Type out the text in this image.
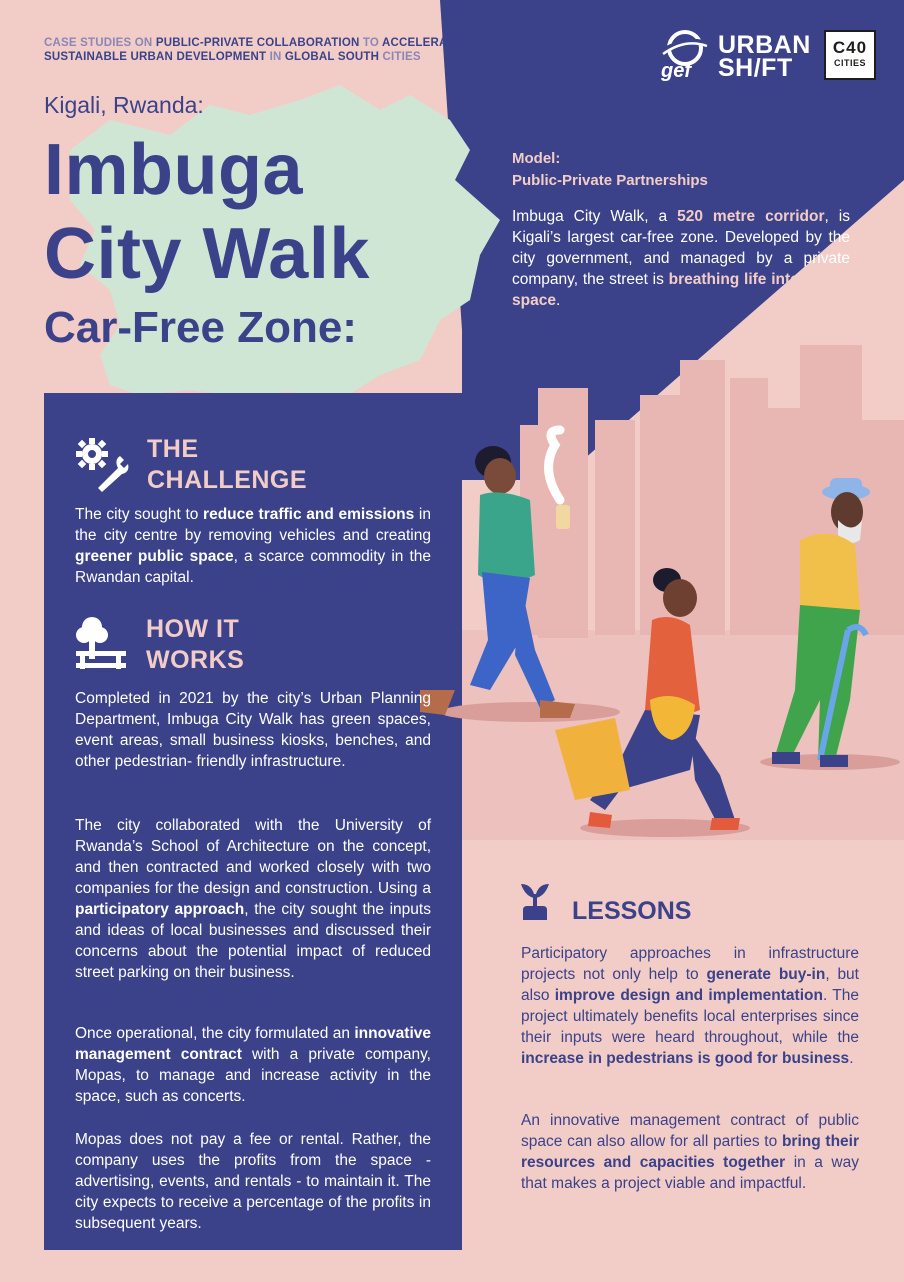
CASE STUDIES ON PUBLIC-PRIVATE COLLABORATION TO ACCELERATE SUSTAINABLE URBAN DEVELOPMENT IN GLOBAL SOUTH CITIES
Kigali, Rwanda:
Imbuga
City Walk
Car-Free Zone:
gef
URBAN
SH/FT
C40
CITIES
Model:
Public-Private Partnerships
Imbuga City Walk, a 520 metre corridor, is Kigali’s largest car-free zone. Developed by the city government, and managed by a private company, the street is breathing life into public space.
THE
CHALLENGE
The city sought to reduce traffic and emissions in the city centre by removing vehicles and creating greener public space, a scarce commodity in the Rwandan capital.
HOW IT
WORKS
Completed in 2021 by the city’s Urban Planning Department, Imbuga City Walk has green spaces, event areas, small business kiosks, benches, and other pedestrian- friendly infrastructure.
The city collaborated with the University of Rwanda’s School of Architecture on the concept, and then contracted and worked closely with two companies for the design and construction. Using a participatory approach, the city sought the inputs and ideas of local businesses and discussed their concerns about the potential impact of reduced street parking on their business.
Once operational, the city formulated an innovative management contract with a private company, Mopas, to manage and increase activity in the space, such as concerts.
Mopas does not pay a fee or rental. Rather, the company uses the profits from the space - advertising, events, and rentals - to maintain it. The city expects to receive a percentage of the profits in subsequent years.
LESSONS
Participatory approaches in infrastructure projects not only help to generate buy-in, but also improve design and implementation. The project ultimately benefits local enterprises since their inputs were heard throughout, while the increase in pedestrians is good for business.
An innovative management contract of public space can also allow for all parties to bring their resources and capacities together in a way that makes a project viable and impactful.
